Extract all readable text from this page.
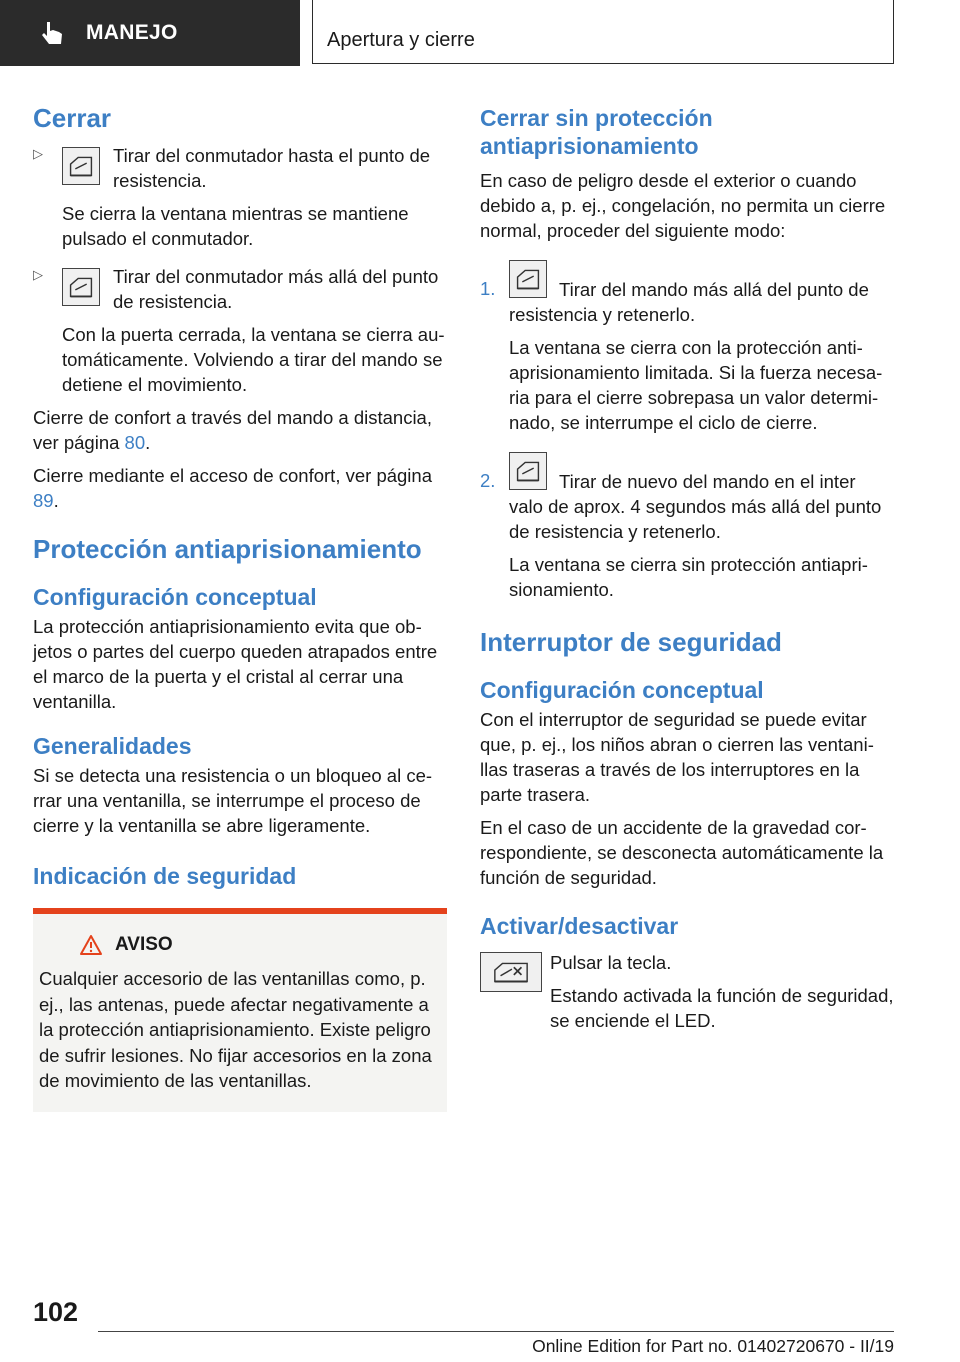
MANEJO	Apertura y cierre
Cerrar
▷	Tirar del conmutador hasta el punto de resistencia.

Se cierra la ventana mientras se mantiene pulsado el conmutador.

▷	Tirar del conmutador más allá del punto de resistencia.

Con la puerta cerrada, la ventana se cierra automáticamente. Volviendo a tirar del mando se detiene el movimiento.

Cierre de confort a través del mando a distancia, ver página 80.

Cierre mediante el acceso de confort, ver página 89.

Protección antiaprisionamiento
Configuración conceptual

La protección antiaprisionamiento evita que objetos o partes del cuerpo queden atrapados entre el marco de la puerta y el cristal al cerrar una ventanilla.

Generalidades

Si se detecta una resistencia o un bloqueo al cerrar una ventanilla, se interrumpe el proceso de cierre y la ventanilla se abre ligeramente.

Indicación de seguridad
AVISO

Cualquier accesorio de las ventanillas como, p. ej., las antenas, puede afectar negativamente a la protección antiaprisionamiento. Existe peligro de sufrir lesiones. No fijar accesorios en la zona de movimiento de las ventanillas.

Cerrar sin protección antiaprisionamiento

En caso de peligro desde el exterior o cuando debido a, p. ej., congelación, no permita un cierre normal, proceder del siguiente modo:

1.	Tirar del mando más allá del punto de

resistencia y retenerlo.

La ventana se cierra con la protección antiaprisionamiento limitada. Si la fuerza necesaria para el cierre sobrepasa un valor determinado, se interrumpe el ciclo de cierre.

2.	Tirar de nuevo del mando en el inter

valo de aprox. 4 segundos más allá del punto de resistencia y retenerlo.

La ventana se cierra sin protección antiaprisionamiento.

Interruptor de seguridad
Configuración conceptual

Con el interruptor de seguridad se puede evitar que, p. ej., los niños abran o cierren las ventanillas traseras a través de los interruptores en la parte trasera.

En el caso de un accidente de la gravedad correspondiente, se desconecta automáticamente la función de seguridad.

Activar/desactivar

Pulsar la tecla.

Estando activada la función de seguridad, se enciende el LED.

102
Online Edition for Part no. 01402720670 - II/19
